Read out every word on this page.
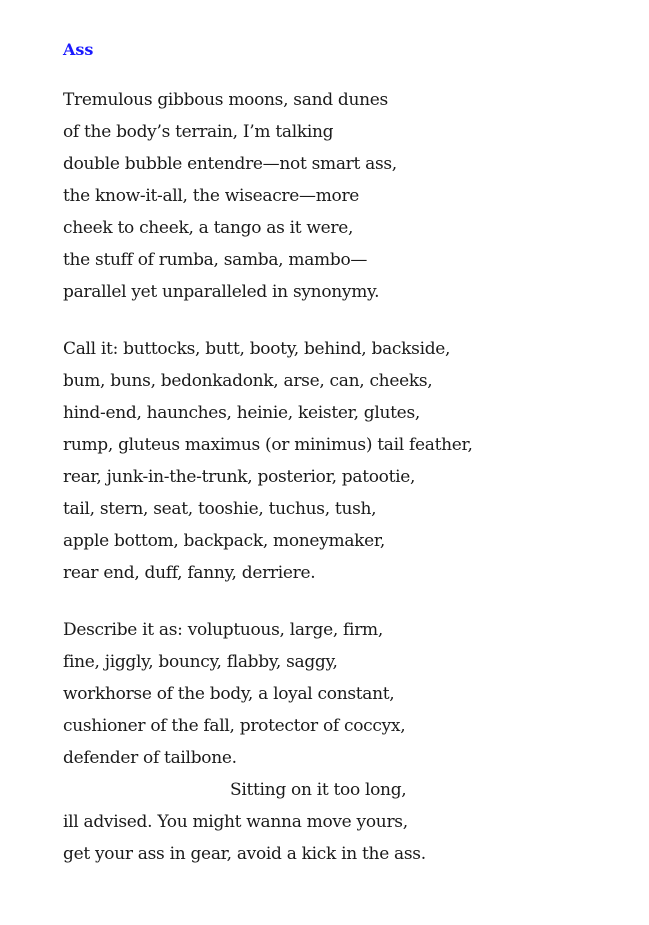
Ass
Tremulous gibbous moons, sand dunes
of the body’s terrain, I’m talking
double bubble entendre—not smart ass,
the know-it-all, the wiseacre—more
cheek to cheek, a tango as it were,
the stuff of rumba, samba, mambo—
parallel yet unparalleled in synonymy.
Call it: buttocks, butt, booty, behind, backside,
bum, buns, bedonkadonk, arse, can, cheeks,
hind-end, haunches, heinie, keister, glutes,
rump, gluteus maximus (or minimus) tail feather,
rear, junk-in-the-trunk, posterior, patootie,
tail, stern, seat, tooshie, tuchus, tush,
apple bottom, backpack, moneymaker,
rear end, duff, fanny, derriere.
Describe it as: voluptuous, large, firm,
fine, jiggly, bouncy, flabby, saggy,
workhorse of the body, a loyal constant,
cushioner of the fall, protector of coccyx,
defender of tailbone.
Sitting on it too long,
ill advised. You might wanna move yours,
get your ass in gear, avoid a kick in the ass.
